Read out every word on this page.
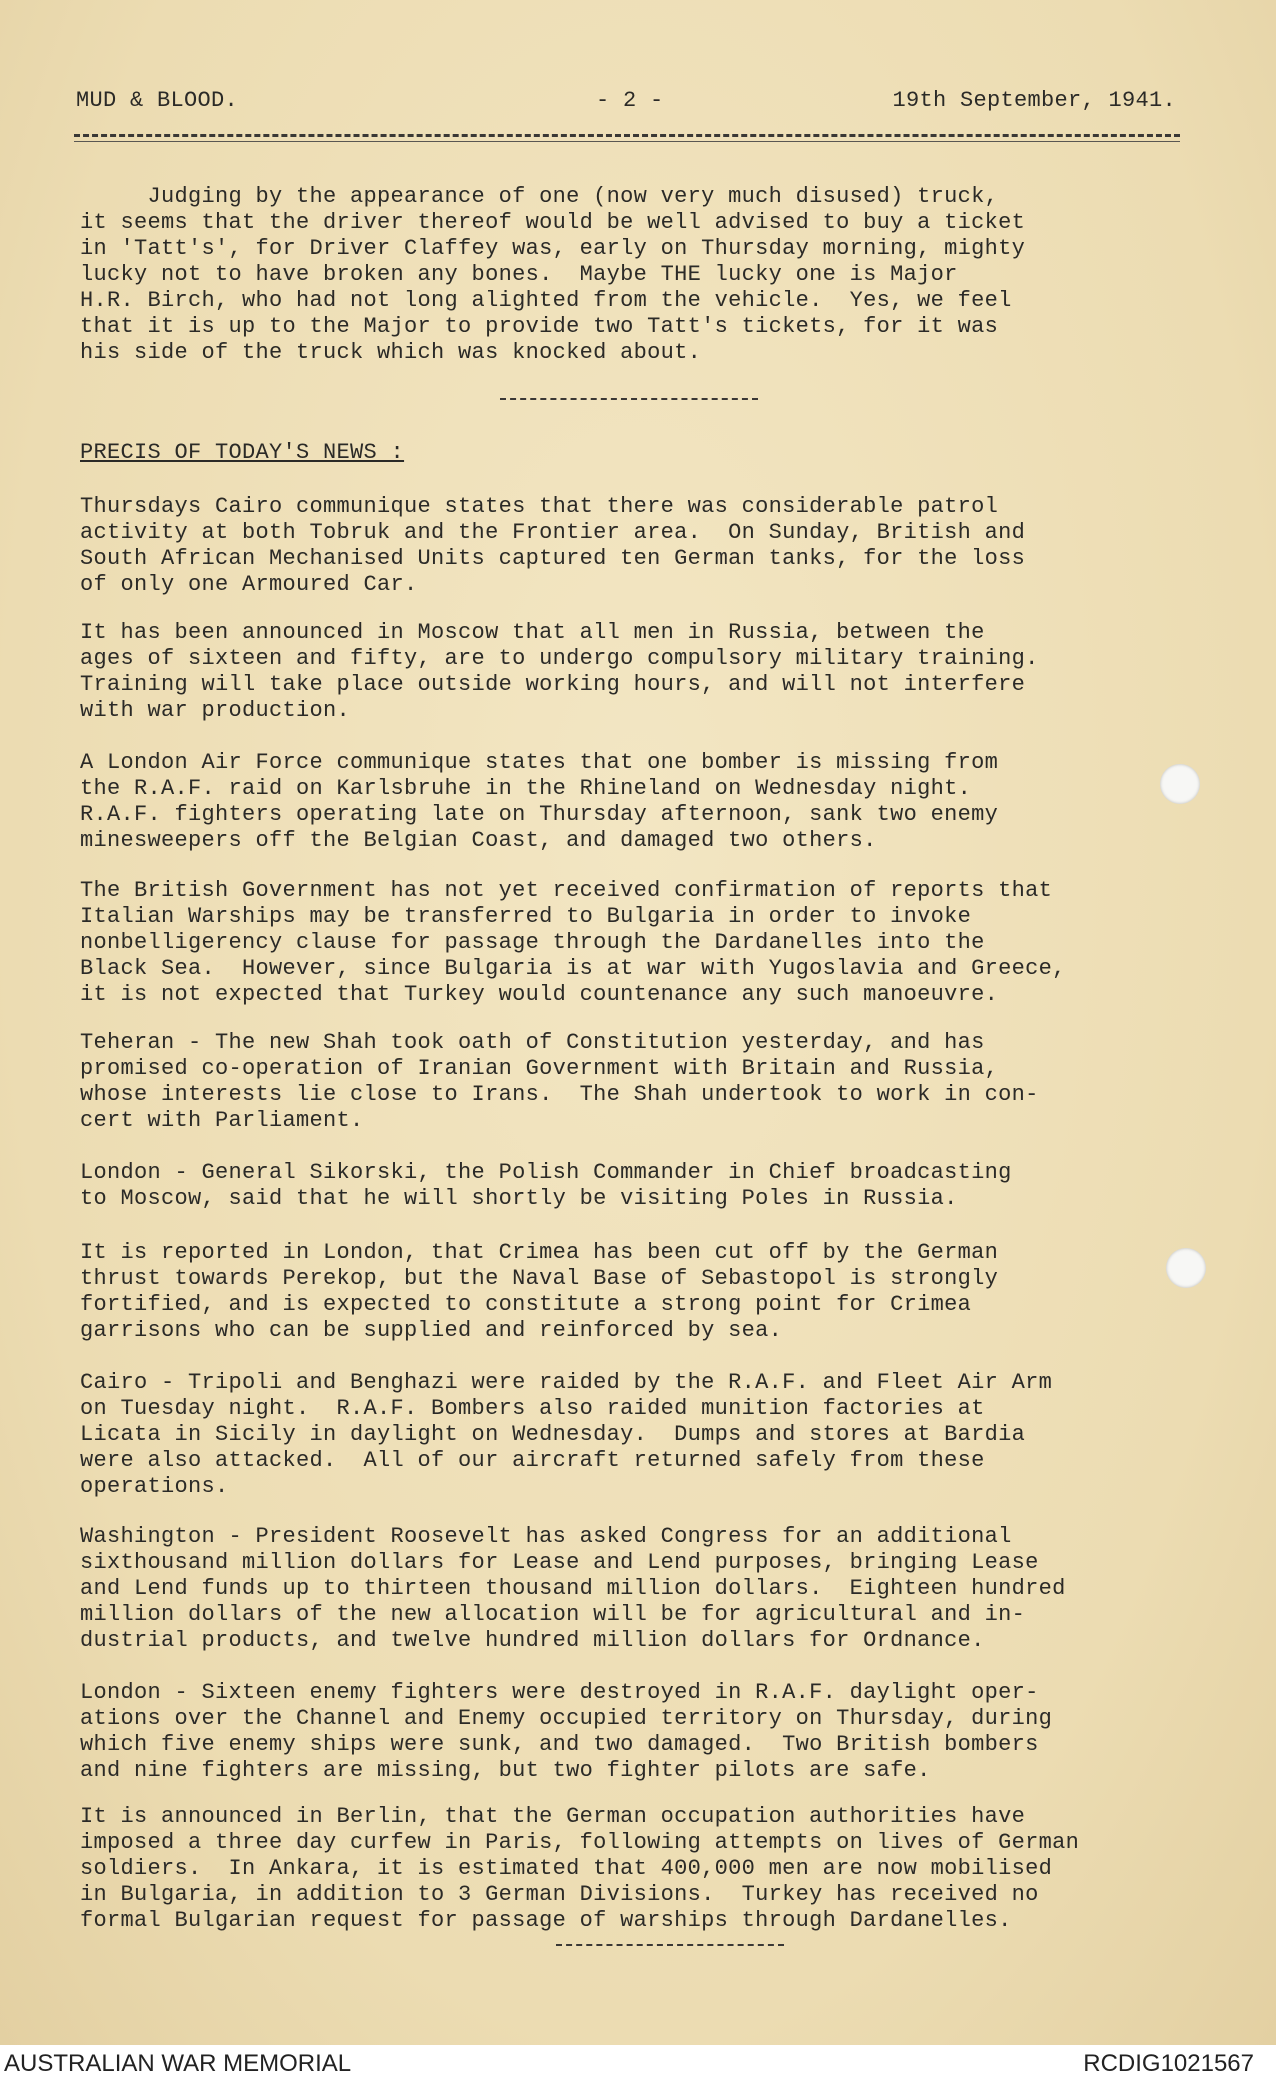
MUD & BLOOD.

	- 2 -

	19th September, 1941.

Judging by the appearance of one (now very much disused) truck,
it seems that the driver thereof would be well advised to buy a ticket
in 'Tatt's', for Driver Claffey was, early on Thursday morning, mighty
lucky not to have broken any bones.  Maybe THE lucky one is Major
H.R. Birch, who had not long alighted from the vehicle.  Yes, we feel
that it is up to the Major to provide two Tatt's tickets, for it was
his side of the truck which was knocked about.
PRECIS OF TODAY'S NEWS :
Thursdays Cairo communique states that there was considerable patrol
activity at both Tobruk and the Frontier area.  On Sunday, British and
South African Mechanised Units captured ten German tanks, for the loss
of only one Armoured Car.
It has been announced in Moscow that all men in Russia, between the
ages of sixteen and fifty, are to undergo compulsory military training.
Training will take place outside working hours, and will not interfere
with war production.
A London Air Force communique states that one bomber is missing from
the R.A.F. raid on Karlsbruhe in the Rhineland on Wednesday night.
R.A.F. fighters operating late on Thursday afternoon, sank two enemy
minesweepers off the Belgian Coast, and damaged two others.
The British Government has not yet received confirmation of reports that
Italian Warships may be transferred to Bulgaria in order to invoke
nonbelligerency clause for passage through the Dardanelles into the
Black Sea.  However, since Bulgaria is at war with Yugoslavia and Greece,
it is not expected that Turkey would countenance any such manoeuvre.
Teheran - The new Shah took oath of Constitution yesterday, and has
promised co-operation of Iranian Government with Britain and Russia,
whose interests lie close to Irans.  The Shah undertook to work in con-
cert with Parliament.
London - General Sikorski, the Polish Commander in Chief broadcasting
to Moscow, said that he will shortly be visiting Poles in Russia.
It is reported in London, that Crimea has been cut off by the German
thrust towards Perekop, but the Naval Base of Sebastopol is strongly
fortified, and is expected to constitute a strong point for Crimea
garrisons who can be supplied and reinforced by sea.
Cairo - Tripoli and Benghazi were raided by the R.A.F. and Fleet Air Arm
on Tuesday night.  R.A.F. Bombers also raided munition factories at
Licata in Sicily in daylight on Wednesday.  Dumps and stores at Bardia
were also attacked.  All of our aircraft returned safely from these
operations.
Washington - President Roosevelt has asked Congress for an additional
sixthousand million dollars for Lease and Lend purposes, bringing Lease
and Lend funds up to thirteen thousand million dollars.  Eighteen hundred
million dollars of the new allocation will be for agricultural and in-
dustrial products, and twelve hundred million dollars for Ordnance.
London - Sixteen enemy fighters were destroyed in R.A.F. daylight oper-
ations over the Channel and Enemy occupied territory on Thursday, during
which five enemy ships were sunk, and two damaged.  Two British bombers
and nine fighters are missing, but two fighter pilots are safe.
It is announced in Berlin, that the German occupation authorities have
imposed a three day curfew in Paris, following attempts on lives of German
soldiers.  In Ankara, it is estimated that 400,000 men are now mobilised
in Bulgaria, in addition to 3 German Divisions.  Turkey has received no
formal Bulgarian request for passage of warships through Dardanelles.
AUSTRALIAN WAR MEMORIAL	RCDIG1021567
